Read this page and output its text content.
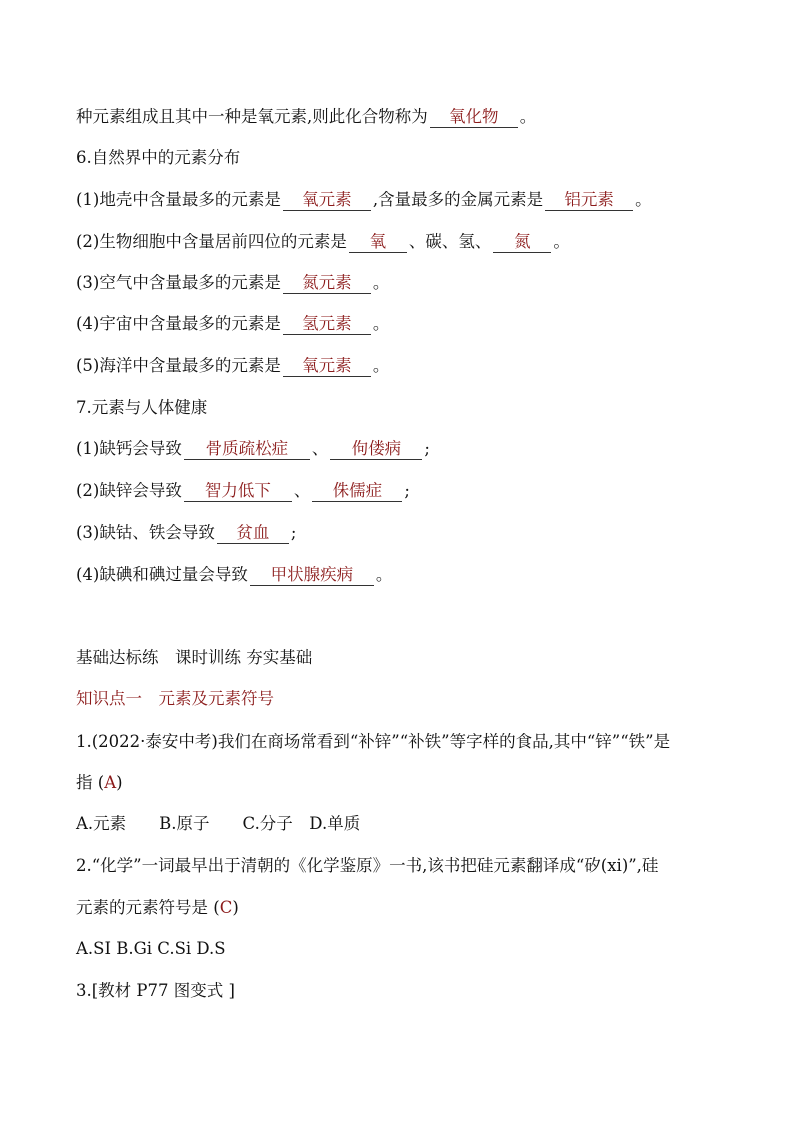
种元素组成且其中一种是氧元素,则此化合物称为 氧化物 。
6.自然界中的元素分布
(1)地壳中含量最多的元素是 氧元素 ,含量最多的金属元素是 铝元素 。
(2)生物细胞中含量居前四位的元素是 氧 、碳、氢、 氮 。
(3)空气中含量最多的元素是 氮元素 。
(4)宇宙中含量最多的元素是 氢元素 。
(5)海洋中含量最多的元素是 氧元素 。
7.元素与人体健康
(1)缺钙会导致 骨质疏松症 、 佝偻病 ;
(2)缺锌会导致 智力低下 、 侏儒症 ;
(3)缺钴、铁会导致 贫血 ;
(4)缺碘和碘过量会导致 甲状腺疾病 。
基础达标练　课时训练 夯实基础
知识点一　元素及元素符号
1.(2022·泰安中考)我们在商场常看到“补锌”“补铁”等字样的食品,其中“锌”“铁”是
指 (A)
A.元素　　B.原子　　C.分子　D.单质
2.“化学”一词最早出于清朝的《化学鉴原》一书,该书把硅元素翻译成“矽(xi)”,硅
元素的元素符号是 (C)
A.SI B.Gi C.Si D.S
3.[教材 P77 图变式 ]
